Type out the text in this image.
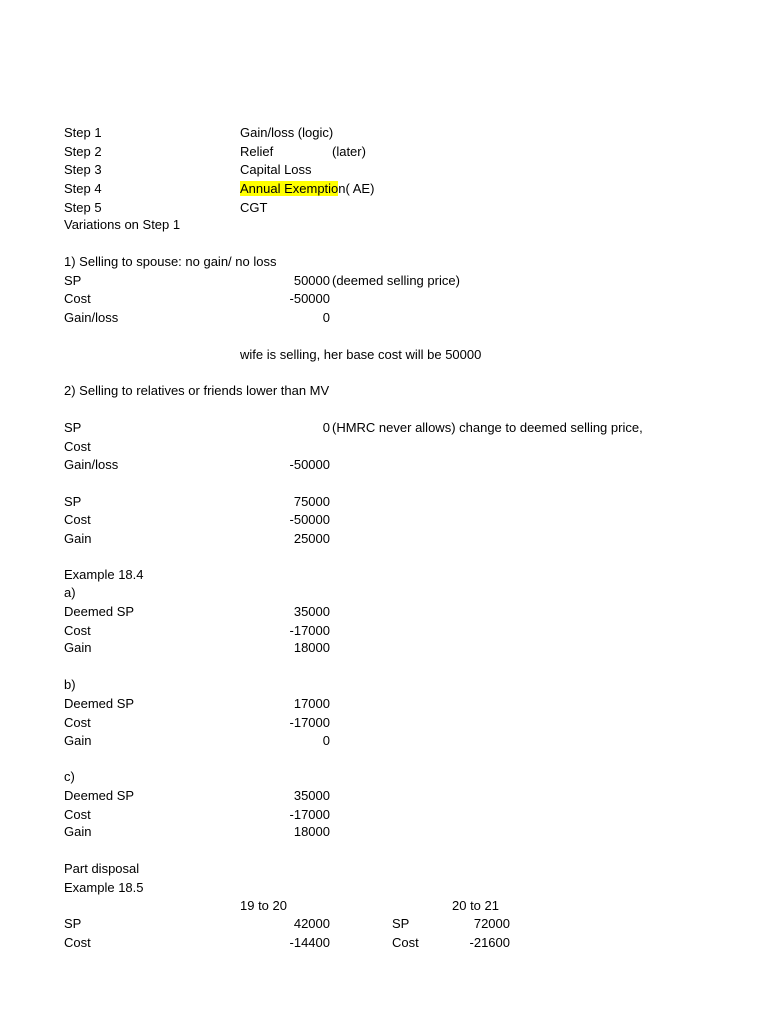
Step 1	Gain/loss (logic)
Step 2	Relief	(later)
Step 3	Capital Loss
Step 4	Annual Exemption( AE)
Step 5	CGT
Variations on Step 1
1) Selling to spouse: no gain/ no loss
SP	50000 (deemed selling price)
Cost	-50000
Gain/loss	0
wife is selling, her base cost will be 50000
2) Selling to relatives or friends lower than MV
SP	0 (HMRC never allows) change to deemed selling price,
Cost
Gain/loss	-50000
SP	75000
Cost	-50000
Gain	25000
Example 18.4
a)
Deemed SP	35000
Cost	-17000
Gain	18000
b)
Deemed SP	17000
Cost	-17000
Gain	0
c)
Deemed SP	35000
Cost	-17000
Gain	18000
Part disposal
Example 18.5
19 to 20	20 to 21
SP	42000	SP	72000
Cost	-14400	Cost	-21600
